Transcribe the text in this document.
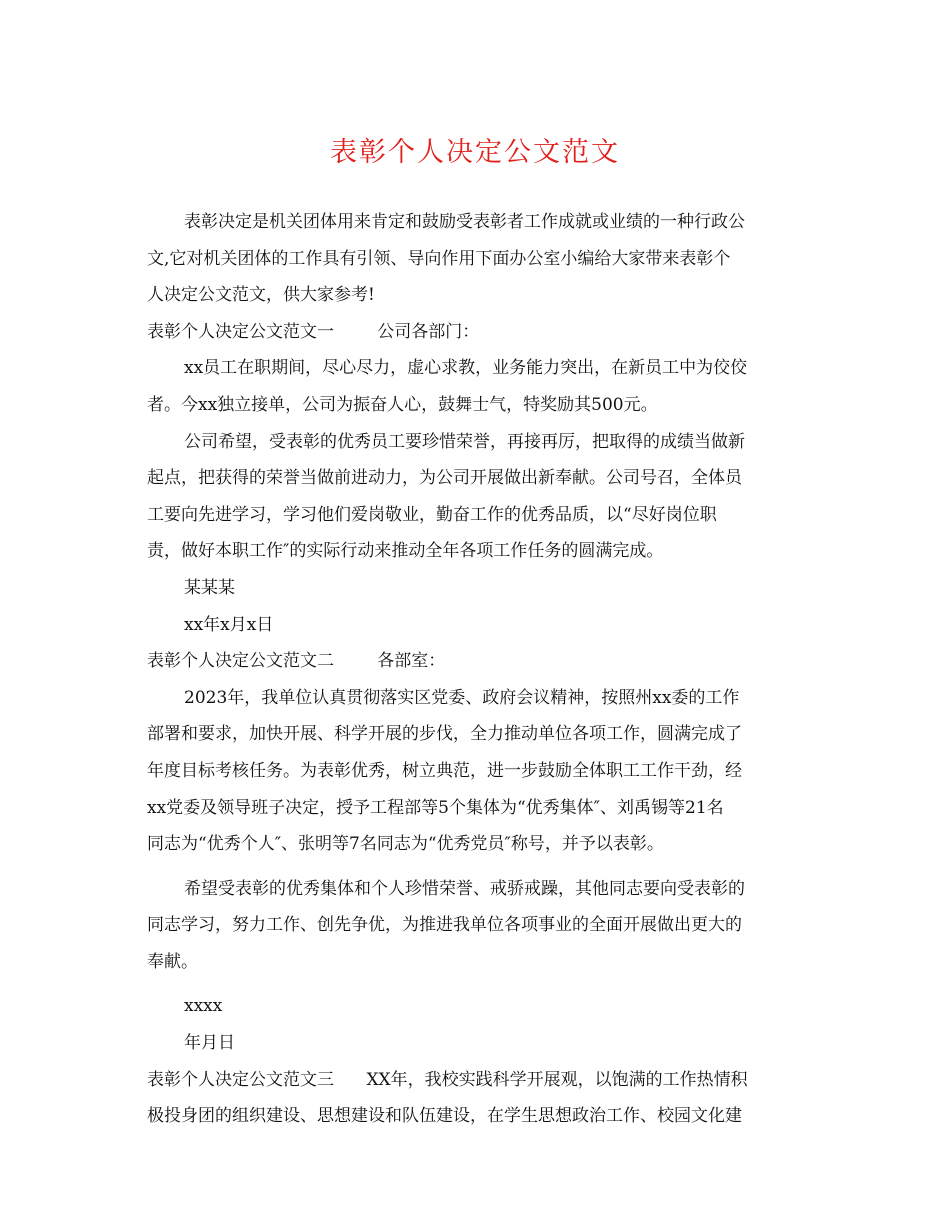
表彰个人决定公文范文
表彰决定是机关团体用来肯定和鼓励受表彰者工作成就或业绩的一种行政公
文,它对机关团体的工作具有引领、导向作用下面办公室小编给大家带来表彰个
人决定公文范文，供大家参考!
表彰个人决定公文范文一	公司各部门：
xx员工在职期间，尽心尽力，虚心求教，业务能力突出，在新员工中为佼佼
者。今xx独立接单，公司为振奋人心，鼓舞士气，特奖励其500元。
公司希望，受表彰的优秀员工要珍惜荣誉，再接再厉，把取得的成绩当做新
起点，把获得的荣誉当做前进动力，为公司开展做出新奉献。公司号召，全体员
工要向先进学习，学习他们爱岗敬业，勤奋工作的优秀品质，以“尽好岗位职
责，做好本职工作″的实际行动来推动全年各项工作任务的圆满完成。
某某某
xx年x月x日
表彰个人决定公文范文二	各部室：
2023年，我单位认真贯彻落实区党委、政府会议精神，按照州xx委的工作
部署和要求，加快开展、科学开展的步伐，全力推动单位各项工作，圆满完成了
年度目标考核任务。为表彰优秀，树立典范，进一步鼓励全体职工工作干劲，经
xx党委及领导班子决定，授予工程部等5个集体为“优秀集体″、刘禹锡等21名
同志为“优秀个人″、张明等7名同志为“优秀党员″称号，并予以表彰。
希望受表彰的优秀集体和个人珍惜荣誉、戒骄戒躁，其他同志要向受表彰的
同志学习，努力工作、创先争优，为推进我单位各项事业的全面开展做出更大的
奉献。
xxxx
年月日
表彰个人决定公文范文三 XX年，我校实践科学开展观，以饱满的工作热情积
极投身团的组织建设、思想建设和队伍建设，在学生思想政治工作、校园文化建
